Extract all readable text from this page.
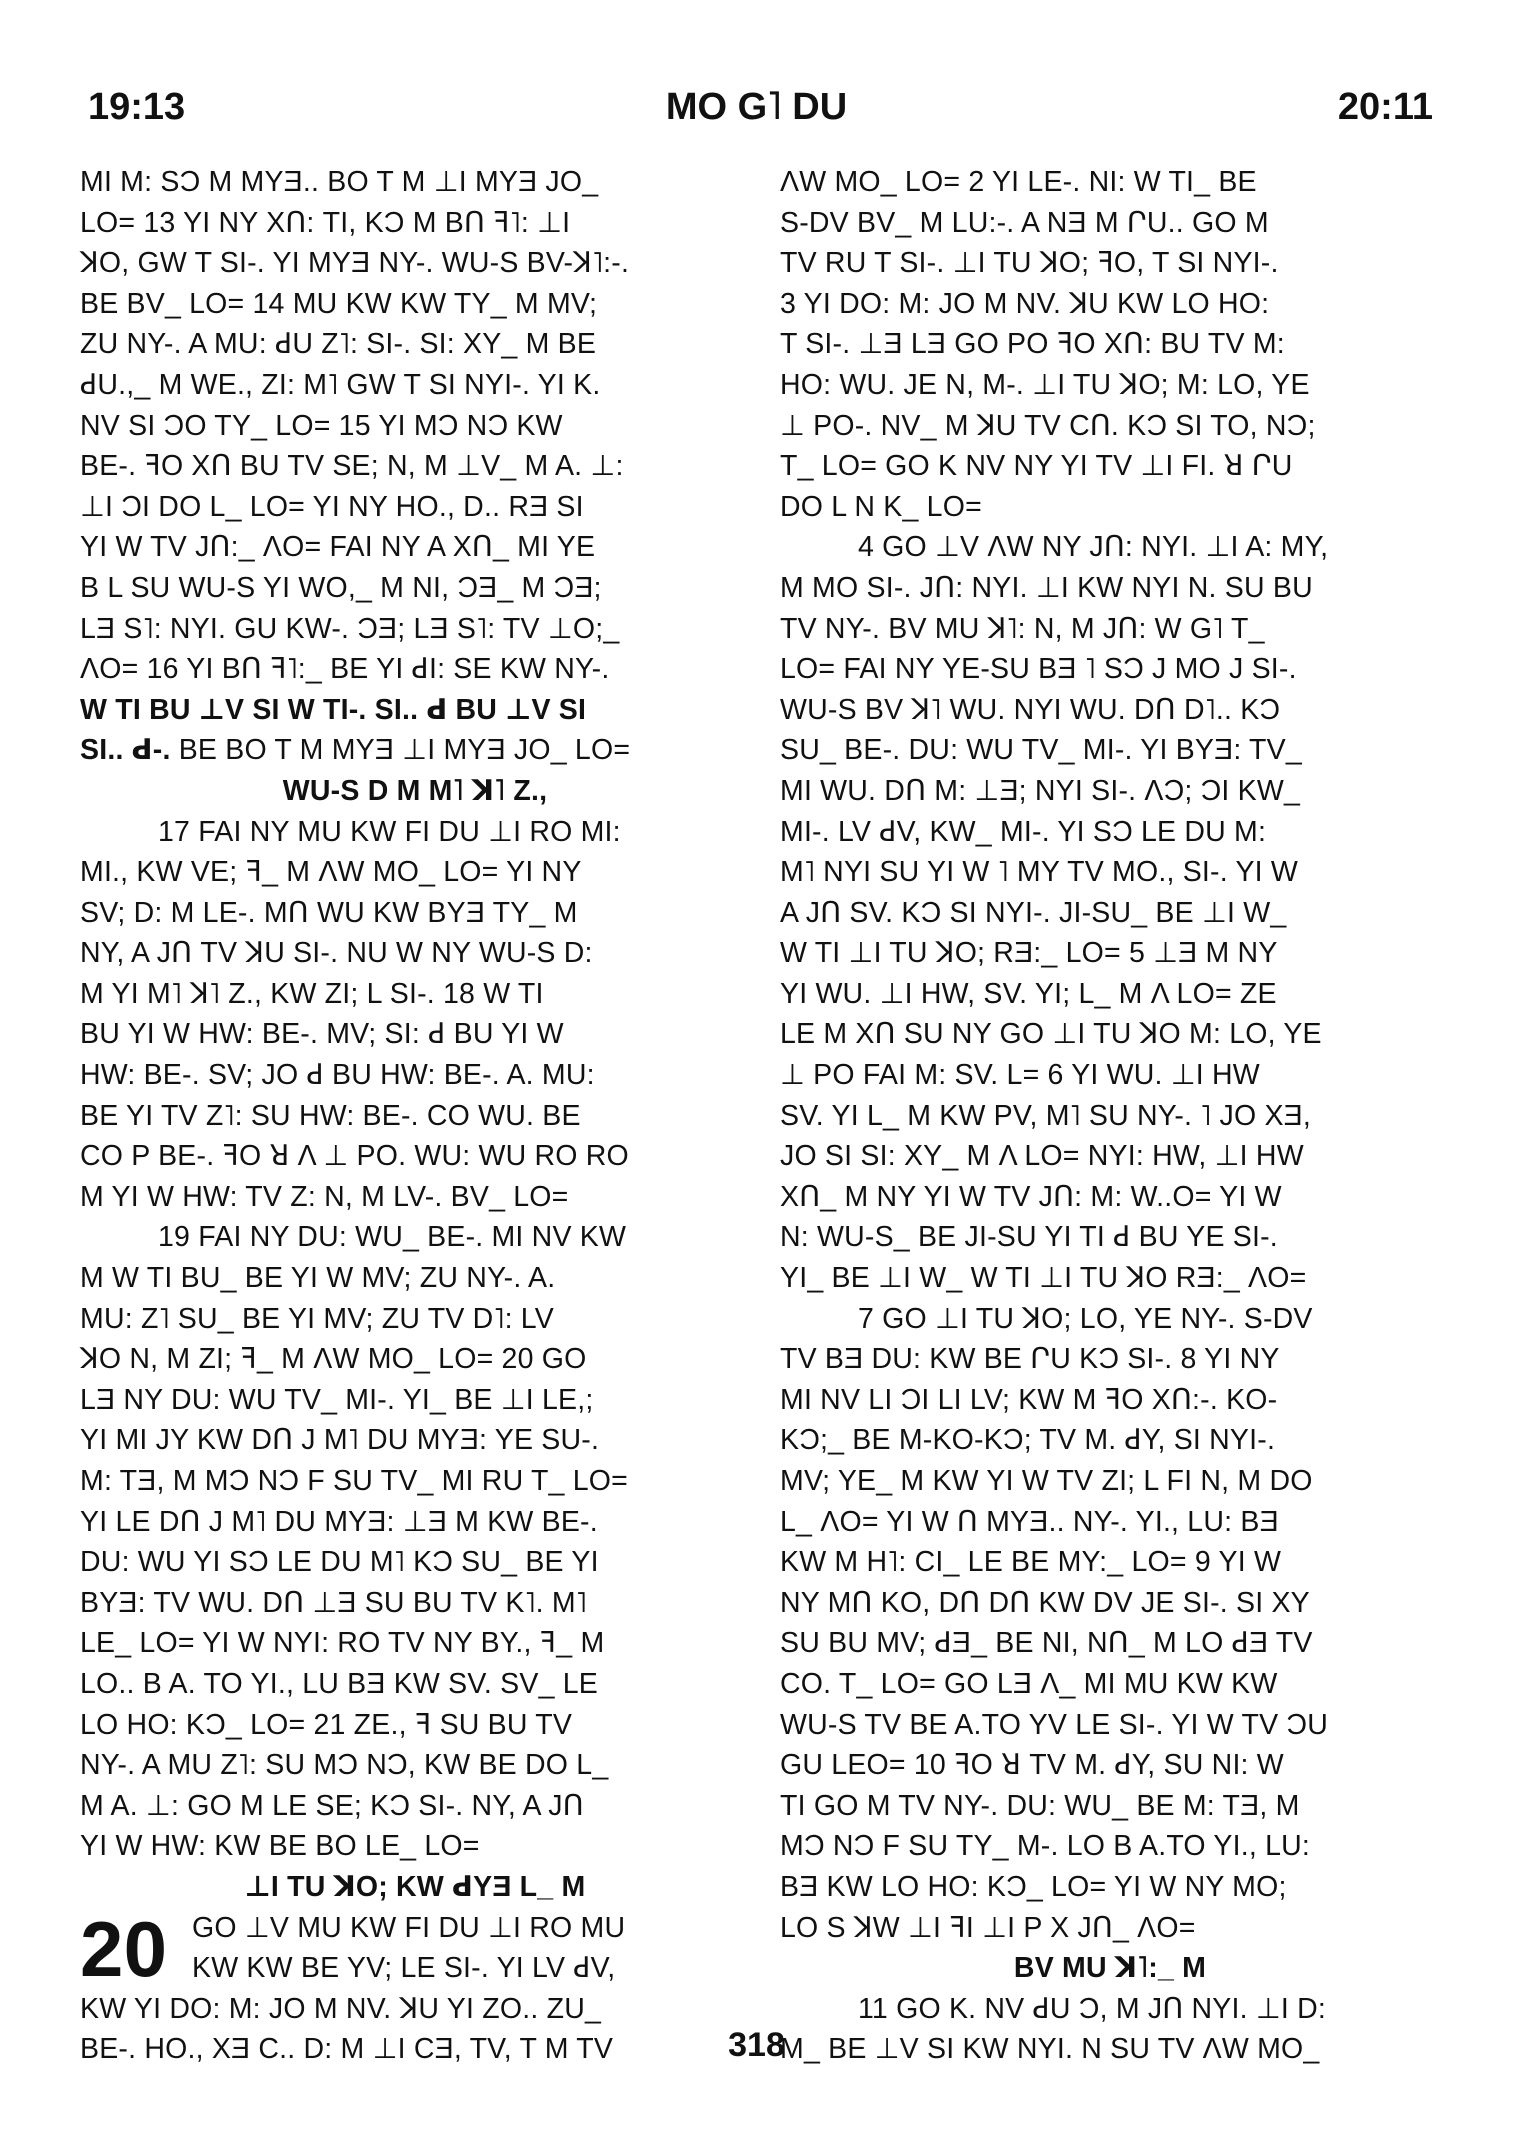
19:13	MO G˥ DU	20:11
MI M: SƆ M MYƎ.. BO T M ⊥I MYƎ JO_
LO= 13 YI NY XՈ: TI, KƆ M BՈ ꟻ˥: ⊥I
ꓘO, GW T SI-. YI MYƎ NY-. WU-S BV-ꓘ˥:-.
BE BV_ LO= 14 MU KW KW TY_ M MV;
ZU NY-. A MU: ꓒU Z˥: SI-. SI: XY_ M BE
ꓒU.,_ M WE., ZI: M˥ GW T SI NYI-. YI K.
NV SI ƆO TY_ LO= 15 YI MƆ NƆ KW
BE-. ꟻO XՈ BU TV SE; N, M ⊥V_ M A. ⊥:
⊥I ƆI DO L_ LO= YI NY HO., D.. RƎ SI
YI W TV JՈ:_ ΛO= FAI NY A XՈ_ MI YE
B L SU WU-S YI WO,_ M NI, ƆƎ_ M ƆƎ;
LƎ S˥: NYI. GU KW-. ƆƎ; LƎ S˥: TV ⊥O;_
ΛO= 16 YI BՈ ꟻ˥:_ BE YI ꓒI: SE KW NY-.
W TI BU ⊥V SI W TI-. SI.. ꓒ BU ⊥V SI
SI.. ꓒ-. BE BO T M MYƎ ⊥I MYƎ JO_ LO=
WU-S D M M˥ ꓘ˥ Z.,
17 FAI NY MU KW FI DU ⊥I RO MI:
MI., KW VE; ꟻ_ M ΛW MO_ LO= YI NY
SV; D: M LE-. MՈ WU KW BYƎ TY_ M
NY, A JՈ TV ꓘU SI-. NU W NY WU-S D:
M YI M˥ ꓘ˥ Z., KW ZI; L SI-. 18 W TI
BU YI W HW: BE-. MV; SI: ꓒ BU YI W
HW: BE-. SV; JO ꓒ BU HW: BE-. A. MU:
BE YI TV Z˥: SU HW: BE-. CO WU. BE
CO P BE-. ꟻO ꓤ Λ ⊥ PO. WU: WU RO RO
M YI W HW: TV Z: N, M LV-. BV_ LO=
19 FAI NY DU: WU_ BE-. MI NV KW
M W TI BU_ BE YI W MV; ZU NY-. A.
MU: Z˥ SU_ BE YI MV; ZU TV D˥: LV
ꓘO N, M ZI; ꟻ_ M ΛW MO_ LO= 20 GO
LƎ NY DU: WU TV_ MI-. YI_ BE ⊥I LE,;
YI MI JY KW DՈ J M˥ DU MYƎ: YE SU-.
M: TƎ, M MƆ NƆ F SU TV_ MI RU T_ LO=
YI LE DՈ J M˥ DU MYƎ: ⊥Ǝ M KW BE-.
DU: WU YI SƆ LE DU M˥ KƆ SU_ BE YI
BYƎ: TV WU. DՈ ⊥Ǝ SU BU TV K˥. M˥
LE_ LO= YI W NYI: RO TV NY BY., ꟻ_ M
LO.. B A. TO YI., LU BƎ KW SV. SV_ LE
LO HO: KƆ_ LO= 21 ZE., ꟻ SU BU TV
NY-. A MU Z˥: SU MƆ NƆ, KW BE DO L_
M A. ⊥: GO M LE SE; KƆ SI-. NY, A JՈ
YI W HW: KW BE BO LE_ LO=
⊥I TU ꓘO; KW ꓒYƎ L_ M
20 GO ⊥V MU KW FI DU ⊥I RO MU
KW KW BE YV; LE SI-. YI LV ꓒV,
KW YI DO: M: JO M NV. ꓘU YI ZO.. ZU_
BE-. HO., XƎ C.. D: M ⊥I CƎ, TV, T M TV
ΛW MO_ LO= 2 YI LE-. NI: W TI_ BE
S-DV BV_ M LU:-. A NƎ M ՐU.. GO M
TV RU T SI-. ⊥I TU ꓘO; ꟻO, T SI NYI-.
3 YI DO: M: JO M NV. ꓘU KW LO HO:
T SI-. ⊥Ǝ LƎ GO PO ꟻO XՈ: BU TV M:
HO: WU. JE N, M-. ⊥I TU ꓘO; M: LO, YE
⊥ PO-. NV_ M ꓘU TV CՈ. KƆ SI TO, NƆ;
T_ LO= GO K NV NY YI TV ⊥I FI. ꓤ ՐU
DO L N K_ LO=
4 GO ⊥V ΛW NY JՈ: NYI. ⊥I A: MY,
M MO SI-. JՈ: NYI. ⊥I KW NYI N. SU BU
TV NY-. BV MU ꓘ˥: N, M JՈ: W G˥ T_
LO= FAI NY YE-SU BƎ ˥ SƆ J MO J SI-.
WU-S BV ꓘ˥ WU. NYI WU. DՈ D˥.. KƆ
SU_ BE-. DU: WU TV_ MI-. YI BYƎ: TV_
MI WU. DՈ M: ⊥Ǝ; NYI SI-. ΛƆ; ƆI KW_
MI-. LV ꓒV, KW_ MI-. YI SƆ LE DU M:
M˥ NYI SU YI W ˥ MY TV MO., SI-. YI W
A JՈ SV. KƆ SI NYI-. JI-SU_ BE ⊥I W_
W TI ⊥I TU ꓘO; RƎ:_ LO= 5 ⊥Ǝ M NY
YI WU. ⊥I HW, SV. YI; L_ M Λ LO= ZE
LE M XՈ SU NY GO ⊥I TU ꓘO M: LO, YE
⊥ PO FAI M: SV. L= 6 YI WU. ⊥I HW
SV. YI L_ M KW PV, M˥ SU NY-. ˥ JO XƎ,
JO SI SI: XY_ M Λ LO= NYI: HW, ⊥I HW
XՈ_ M NY YI W TV JՈ: M: W..O= YI W
N: WU-S_ BE JI-SU YI TI ꓒ BU YE SI-.
YI_ BE ⊥I W_ W TI ⊥I TU ꓘO RƎ:_ ΛO=
7 GO ⊥I TU ꓘO; LO, YE NY-. S-DV
TV BƎ DU: KW BE ՐU KƆ SI-. 8 YI NY
MI NV LI ƆI LI LV; KW M ꟻO XՈ:-. KO-
KƆ;_ BE M-KO-KƆ; TV M. ꓒY, SI NYI-.
MV; YE_ M KW YI W TV ZI; L FI N, M DO
L_ ΛO= YI W Ո MYƎ.. NY-. YI., LU: BƎ
KW M H˥: CI_ LE BE MY:_ LO= 9 YI W
NY MՈ KO, DՈ DՈ KW DV JE SI-. SI XY
SU BU MV; ꓒƎ_ BE NI, NՈ_ M LO ꓒƎ TV
CO. T_ LO= GO LƎ Λ_ MI MU KW KW
WU-S TV BE A.TO YV LE SI-. YI W TV ƆU
GU LEO= 10 ꟻO ꓤ TV M. ꓒY, SU NI: W
TI GO M TV NY-. DU: WU_ BE M: TƎ, M
MƆ NƆ F SU TY_ M-. LO B A.TO YI., LU:
BƎ KW LO HO: KƆ_ LO= YI W NY MO;
LO S ꓘW ⊥I ꟻI ⊥I P X JՈ_ ΛO=
BV MU ꓘ˥:_ M
11 GO K. NV ꓒU Ɔ, M JՈ NYI. ⊥I D:
M_ BE ⊥V SI KW NYI. N SU TV ΛW MO_
318
